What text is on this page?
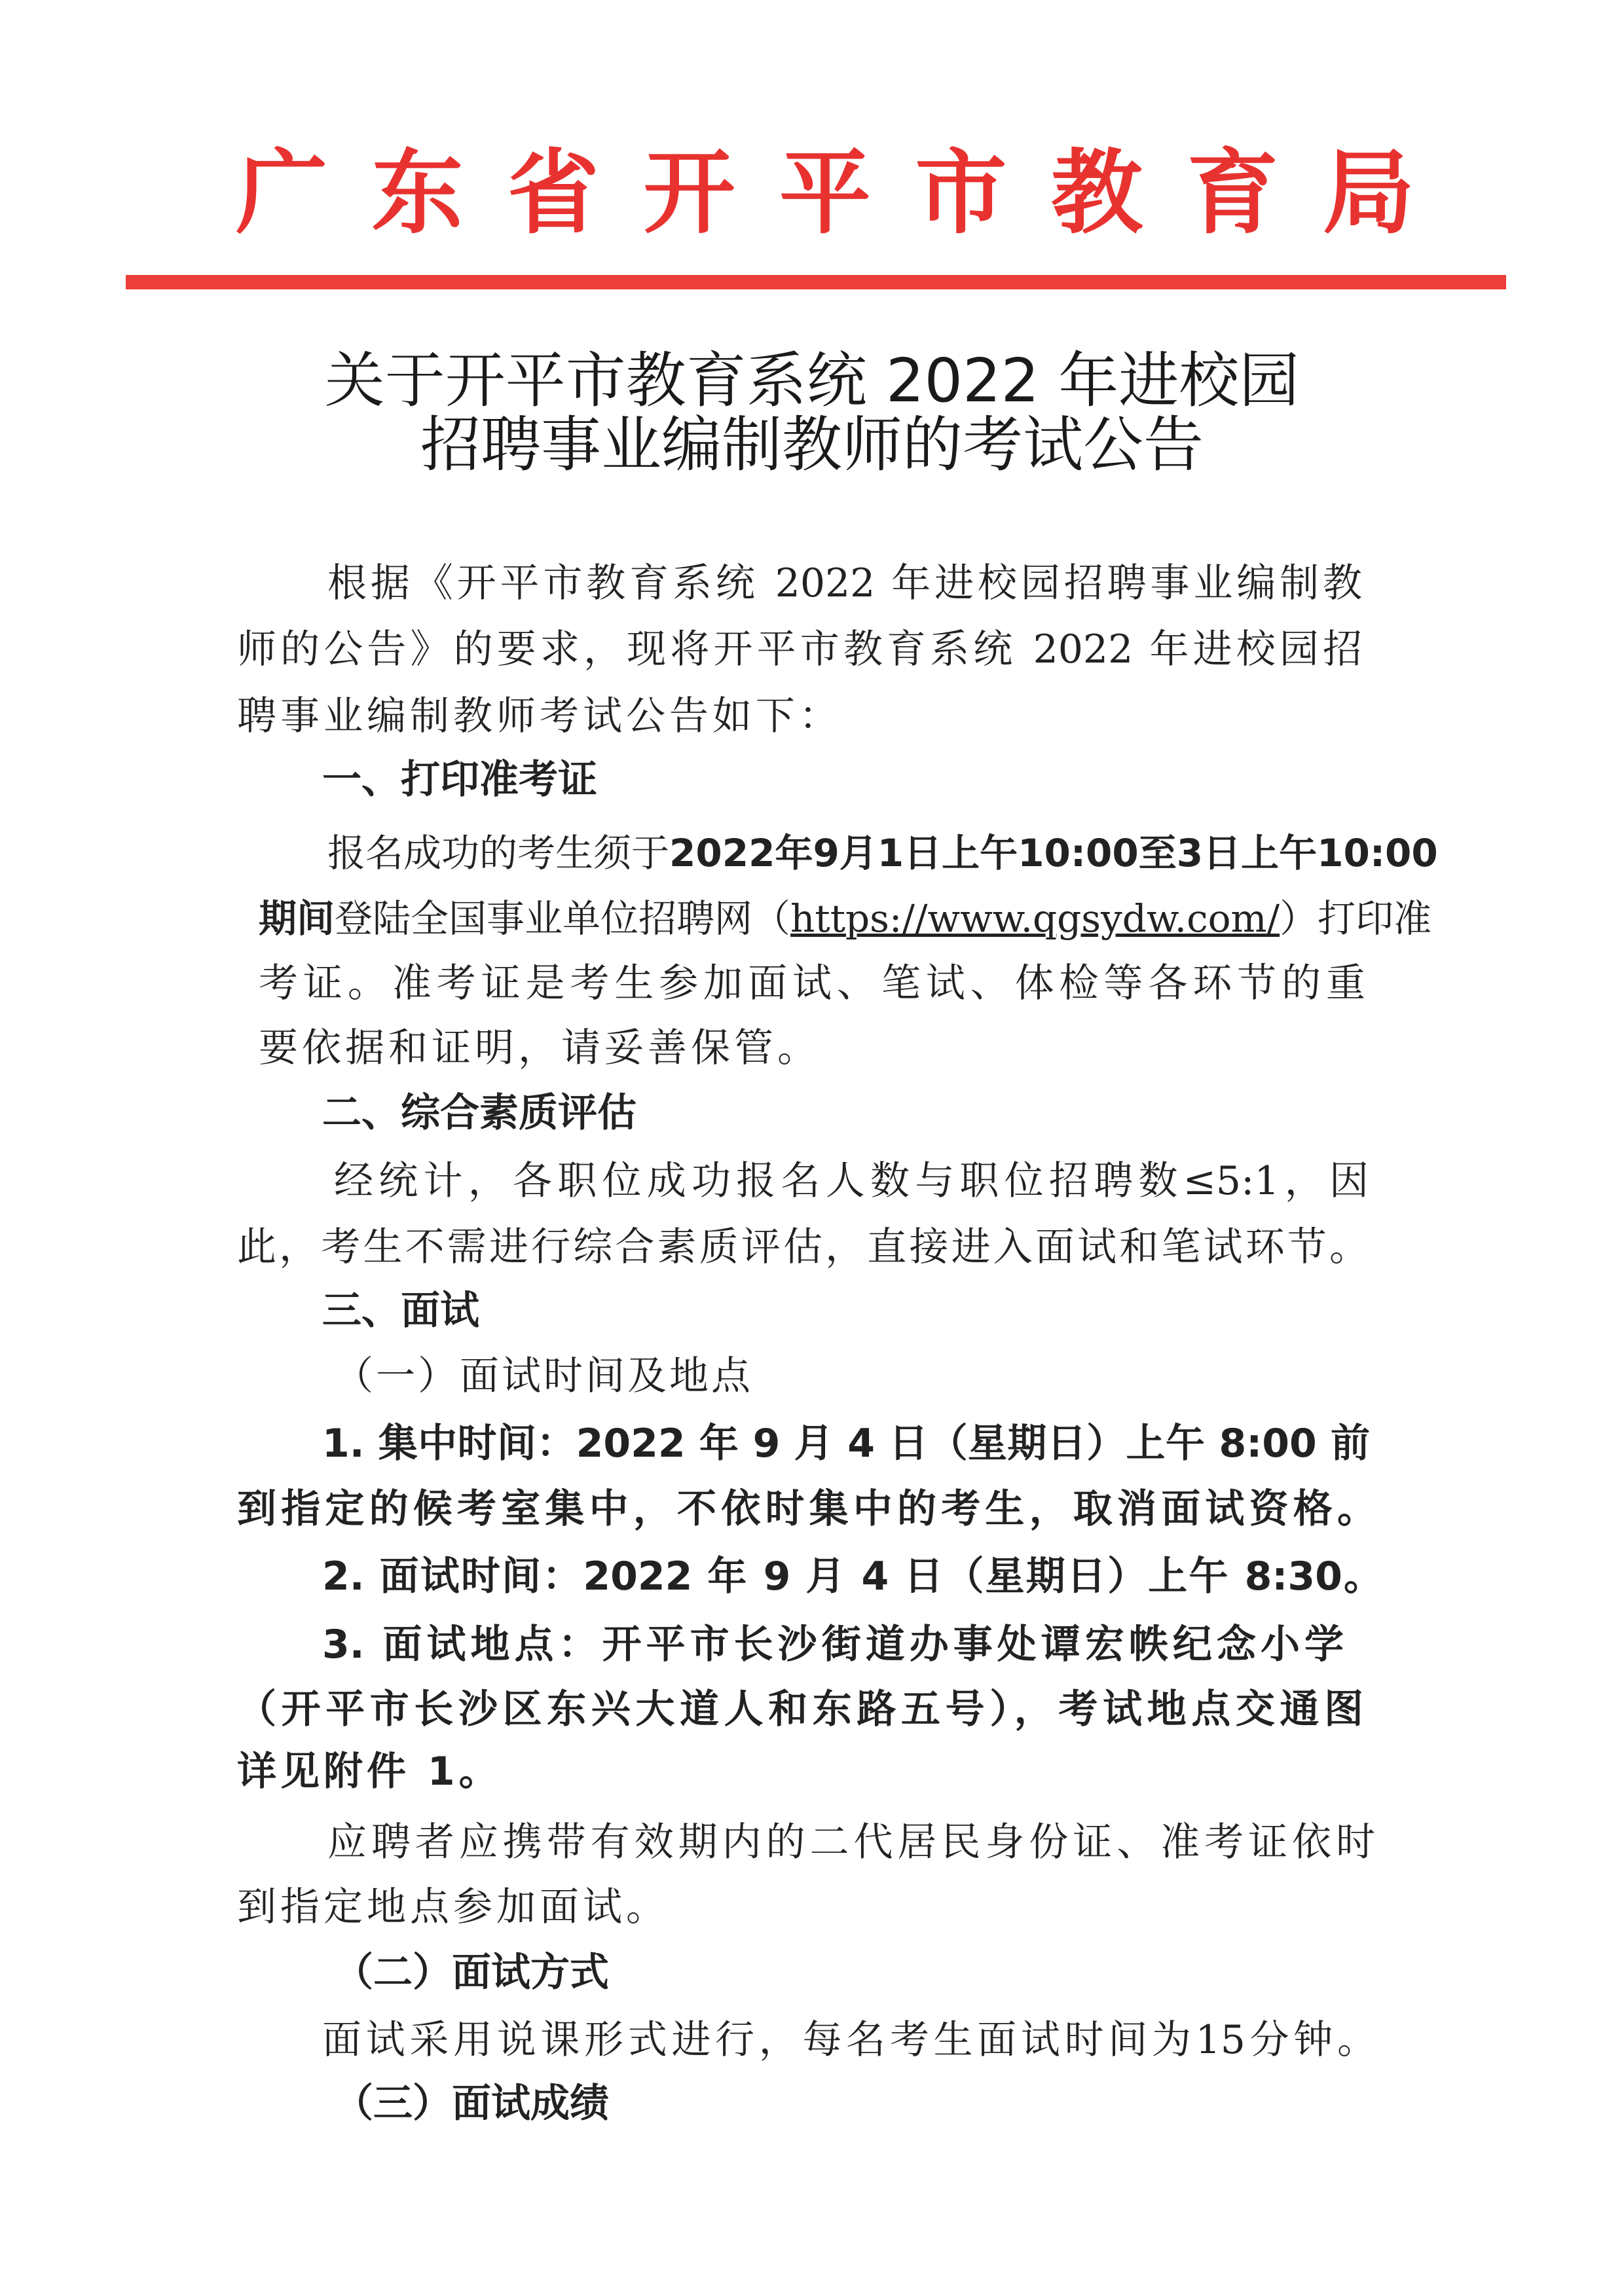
广东省开平市教育局
关于开平市教育系统 2022 年进校园
招聘事业编制教师的考试公告
根据《开平市教育系统 2022 年进校园招聘事业编制教
师的公告》的要求，现将开平市教育系统 2022 年进校园招
聘事业编制教师考试公告如下：
一、打印准考证
报名成功的考生须于2022年9月1日上午10:00至3日上午10:00
期间登陆全国事业单位招聘网（https://www.qgsydw.com/）打印准
考证。准考证是考生参加面试、笔试、体检等各环节的重
要依据和证明，请妥善保管。
二、综合素质评估
经统计，各职位成功报名人数与职位招聘数≤5:1，因
此，考生不需进行综合素质评估，直接进入面试和笔试环节。
三、面试
（一）面试时间及地点
1. 集中时间：2022 年 9 月 4 日（星期日）上午 8:00 前
到指定的候考室集中，不依时集中的考生，取消面试资格。
2. 面试时间：2022 年 9 月 4 日（星期日）上午 8:30。
3. 面试地点：开平市长沙街道办事处谭宏帙纪念小学
（开平市长沙区东兴大道人和东路五号），考试地点交通图
详见附件 1。
应聘者应携带有效期内的二代居民身份证、准考证依时
到指定地点参加面试。
（二）面试方式
面试采用说课形式进行，每名考生面试时间为15分钟。
（三）面试成绩
